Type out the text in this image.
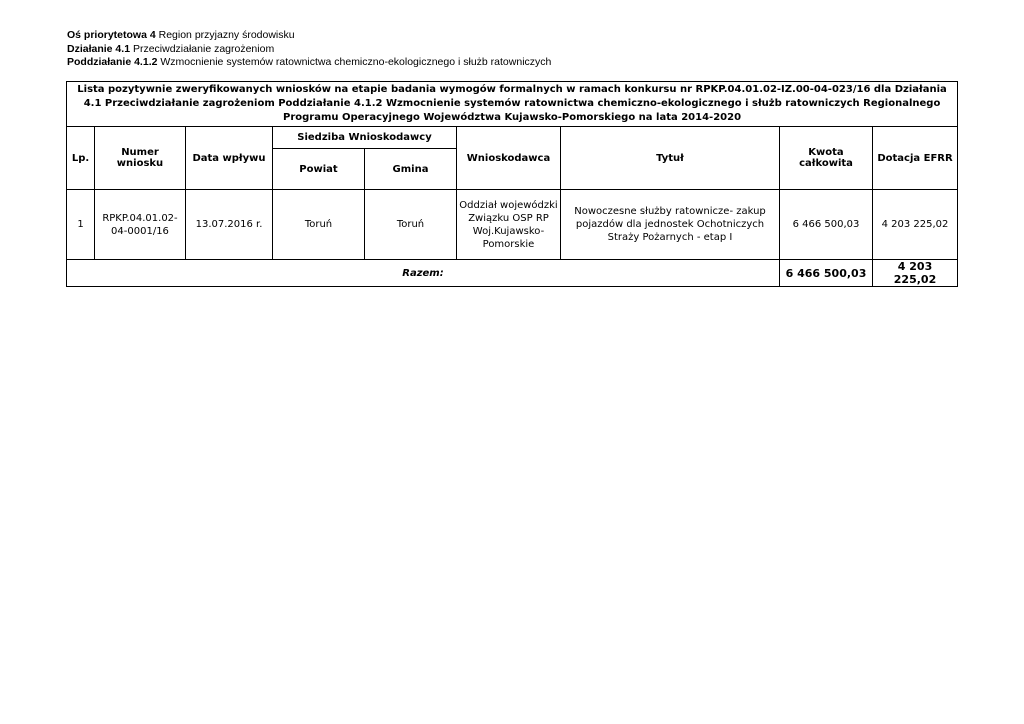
Oś priorytetowa 4 Region przyjazny środowisku
Działanie 4.1 Przeciwdziałanie zagrożeniom
Poddziałanie 4.1.2 Wzmocnienie systemów ratownictwa chemiczno-ekologicznego i służb ratowniczych
Lista pozytywnie zweryfikowanych wniosków na etapie badania wymogów formalnych w ramach konkursu nr RPKP.04.01.02-IZ.00-04-023/16 dla Działania 4.1 Przeciwdziałanie zagrożeniom Poddziałanie 4.1.2 Wzmocnienie systemów ratownictwa chemiczno-ekologicznego i służb ratowniczych Regionalnego Programu Operacyjnego Województwa Kujawsko-Pomorskiego na lata 2014-2020								
Lp.	Numer wniosku	Data wpływu	Siedziba Wnioskodawcy		Wnioskodawca	Tytuł	Kwota całkowita	Dotacja EFRR
			Powiat	Gmina				
1	RPKP.04.01.02-04-0001/16	13.07.2016 r.	Toruń	Toruń	Oddział wojewódzki Związku OSP RP Woj.Kujawsko-Pomorskie	Nowoczesne służby ratownicze- zakup pojazdów dla jednostek Ochotniczych Straży Pożarnych - etap I	6 466 500,03	4 203 225,02
Razem:							6 466 500,03	4 203 225,02
